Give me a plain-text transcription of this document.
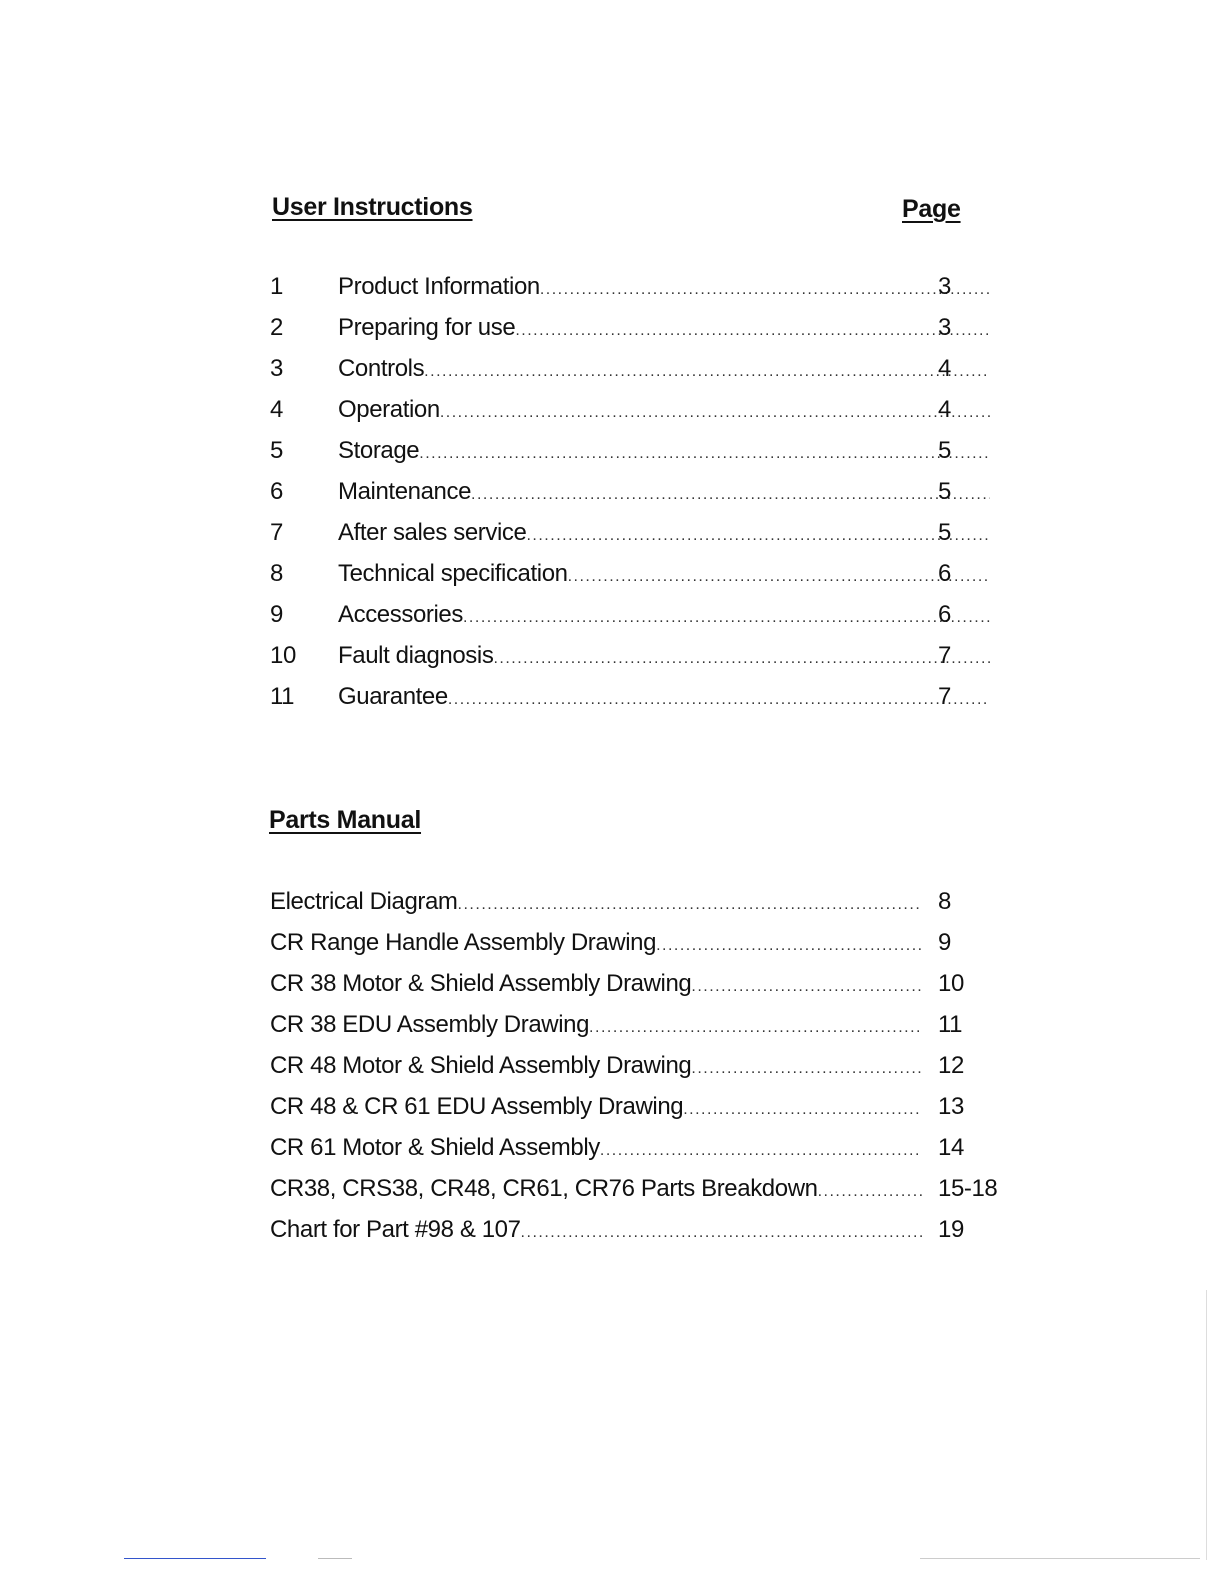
User Instructions	Page
1 Product Information .....	3
2 Preparing for use .....	3
3 Controls .....	4
4 Operation .....	4
5 Storage .....	5
6 Maintenance .....	5
7 After sales service .....	5
8 Technical specification .....	6
9 Accessories .....	6
10 Fault diagnosis .....	7
11 Guarantee .....	7
Parts Manual
Electrical Diagram .....	8
CR Range Handle Assembly Drawing .....	9
CR 38 Motor & Shield Assembly Drawing .....	10
CR 38 EDU Assembly Drawing .....	11
CR 48 Motor & Shield Assembly Drawing .....	12
CR 48 & CR 61 EDU Assembly Drawing .....	13
CR 61 Motor & Shield Assembly .....	14
CR38, CRS38, CR48, CR61, CR76 Parts Breakdown .....	15-18
Chart for Part #98 & 107 .....	19
